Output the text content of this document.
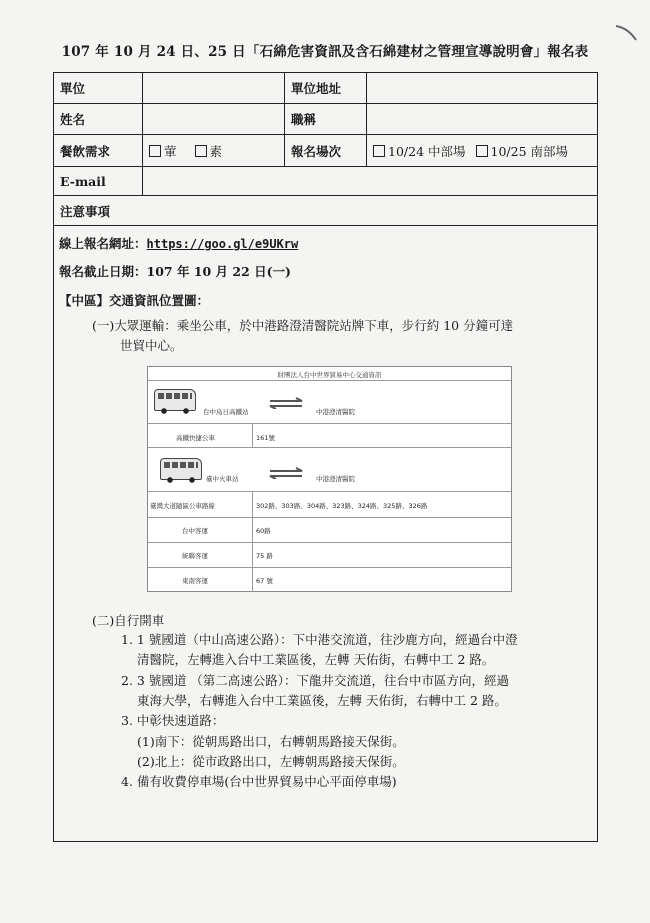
107 年 10 月 24 日、25 日「石綿危害資訊及含石綿建材之管理宣導說明會」報名表
單位	單位地址
姓名	職稱
餐飲需求	葷	素	報名場次	10/24 中部場 10/25 南部場
E-mail
注意事項
線上報名網址：https://goo.gl/e9UKrw
報名截止日期：107 年 10 月 22 日(一)
【中區】交通資訊位置圖：
(一)大眾運輸：乘坐公車，於中港路澄清醫院站牌下車，步行約 10 分鐘可達
世貿中心。
財團法人台中世界貿易中心交通資訊
台中烏日高鐵站	中港澄清醫院
高鐵快捷公車	161號
臺中火車站	中港澄清醫院
臺灣大道隨區公車路線	302路、303路、304路、323路、324路、325路、326路
台中客運	60路
統聯客運	75 路
東南客運	67 號
(二)自行開車
1. 1 號國道（中山高速公路）：下中港交流道，往沙鹿方向，經過台中澄
清醫院，左轉進入台中工業區後，左轉 天佑街，右轉中工 2 路。
2. 3 號國道 （第二高速公路）：下龍井交流道，往台中市區方向，經過
東海大學，右轉進入台中工業區後，左轉 天佑街，右轉中工 2 路。
3. 中彰快速道路：
(1)南下：從朝馬路出口，右轉朝馬路接天保街。
(2)北上：從市政路出口，左轉朝馬路接天保街。
4. 備有收費停車場(台中世界貿易中心平面停車場)
